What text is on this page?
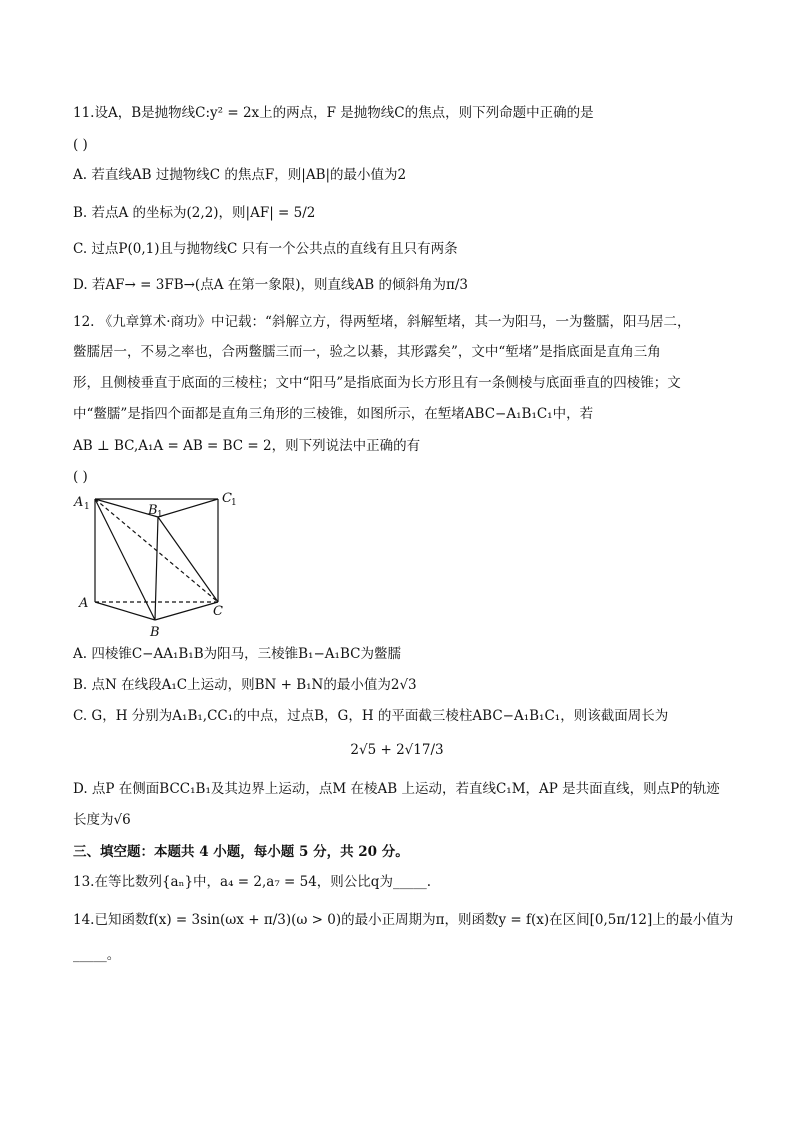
11.设A，B是抛物线C:y² = 2x上的两点，F 是抛物线C的焦点，则下列命题中正确的是
( )
A. 若直线AB 过抛物线C 的焦点F，则|AB|的最小值为2
B. 若点A 的坐标为(2,2)，则|AF| = 5/2
C. 过点P(0,1)且与抛物线C 只有一个公共点的直线有且只有两条
D. 若AF→ = 3FB→(点A 在第一象限)，则直线AB 的倾斜角为π/3
12. 《九章算术·商功》中记载：“斜解立方，得两堑堵，斜解堑堵，其一为阳马，一为鳖臑，阳马居二，
鳖臑居一，不易之率也，合两鳖臑三而一，验之以綦，其形露矣”，文中“堑堵”是指底面是直角三角
形，且侧棱垂直于底面的三棱柱；文中“阳马”是指底面为长方形且有一条侧棱与底面垂直的四棱锥；文
中“鳖臑”是指四个面都是直角三角形的三棱锥，如图所示，在堑堵ABC−A₁B₁C₁中，若
AB ⊥ BC,A₁A = AB = BC = 2，则下列说法中正确的有
( )
A 1	B 1
C 1
A
B
C
A. 四棱锥C−AA₁B₁B为阳马，三棱锥B₁−A₁BC为鳖臑
B. 点N 在线段A₁C上运动，则BN + B₁N的最小值为2√3
C. G，H 分别为A₁B₁,CC₁的中点，过点B，G，H 的平面截三棱柱ABC−A₁B₁C₁，则该截面周长为
2√5 + 2√17/3
D. 点P 在侧面BCC₁B₁及其边界上运动，点M 在棱AB 上运动，若直线C₁M，AP 是共面直线，则点P的轨迹
长度为√6
三、填空题：本题共 4 小题，每小题 5 分，共 20 分。
13.在等比数列{aₙ}中，a₄ = 2,a₇ = 54，则公比q为_____.
14.已知函数f(x) = 3sin(ωx + π/3)(ω > 0)的最小正周期为π，则函数y = f(x)在区间[0,5π/12]上的最小值为
_____。
